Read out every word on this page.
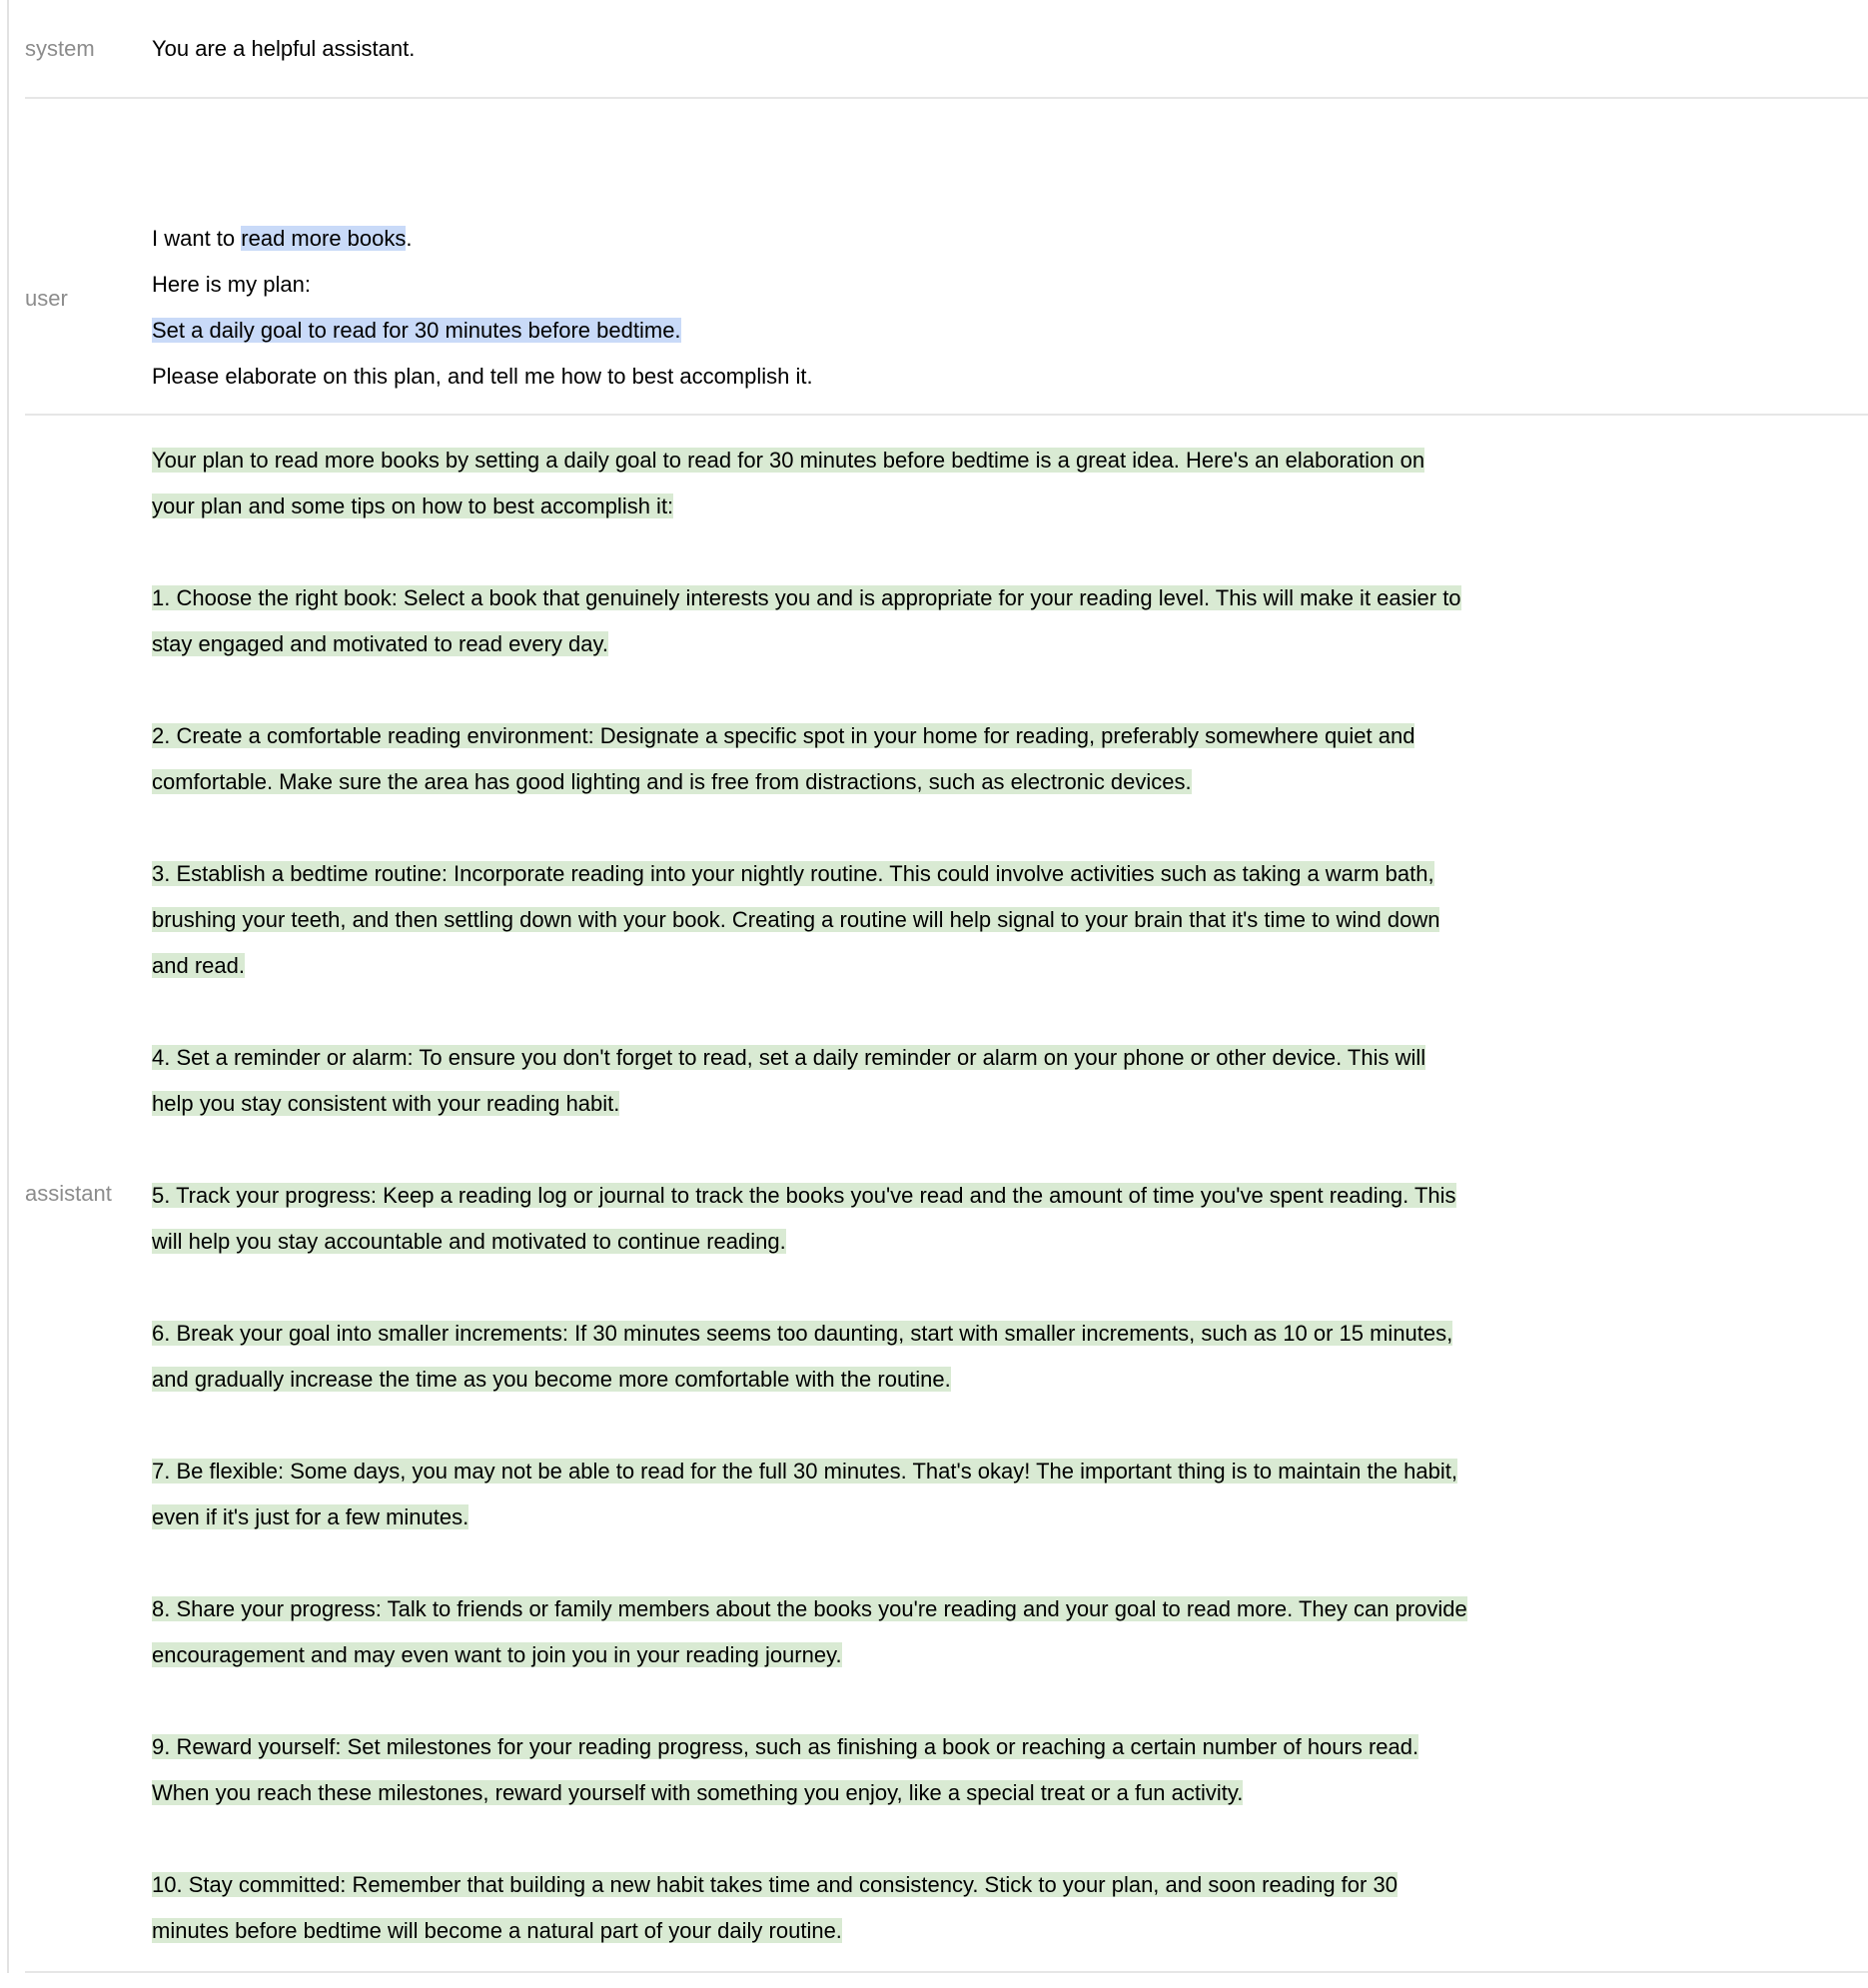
system	You are a helpful assistant.
user
I want to read more books.
Here is my plan:
Set a daily goal to read for 30 minutes before bedtime.
Please elaborate on this plan, and tell me how to best accomplish it.
assistant

Your plan to read more books by setting a daily goal to read for 30 minutes before bedtime is a great idea. Here's an elaboration on your plan and some tips on how to best accomplish it:

1. Choose the right book: Select a book that genuinely interests you and is appropriate for your reading level. This will make it easier to stay engaged and motivated to read every day.

2. Create a comfortable reading environment: Designate a specific spot in your home for reading, preferably somewhere quiet and comfortable. Make sure the area has good lighting and is free from distractions, such as electronic devices.

3. Establish a bedtime routine: Incorporate reading into your nightly routine. This could involve activities such as taking a warm bath, brushing your teeth, and then settling down with your book. Creating a routine will help signal to your brain that it's time to wind down and read.

4. Set a reminder or alarm: To ensure you don't forget to read, set a daily reminder or alarm on your phone or other device. This will help you stay consistent with your reading habit.

5. Track your progress: Keep a reading log or journal to track the books you've read and the amount of time you've spent reading. This will help you stay accountable and motivated to continue reading.

6. Break your goal into smaller increments: If 30 minutes seems too daunting, start with smaller increments, such as 10 or 15 minutes, and gradually increase the time as you become more comfortable with the routine.

7. Be flexible: Some days, you may not be able to read for the full 30 minutes. That's okay! The important thing is to maintain the habit, even if it's just for a few minutes.

8. Share your progress: Talk to friends or family members about the books you're reading and your goal to read more. They can provide encouragement and may even want to join you in your reading journey.

9. Reward yourself: Set milestones for your reading progress, such as finishing a book or reaching a certain number of hours read. When you reach these milestones, reward yourself with something you enjoy, like a special treat or a fun activity.

10. Stay committed: Remember that building a new habit takes time and consistency. Stick to your plan, and soon reading for 30 minutes before bedtime will become a natural part of your daily routine.
